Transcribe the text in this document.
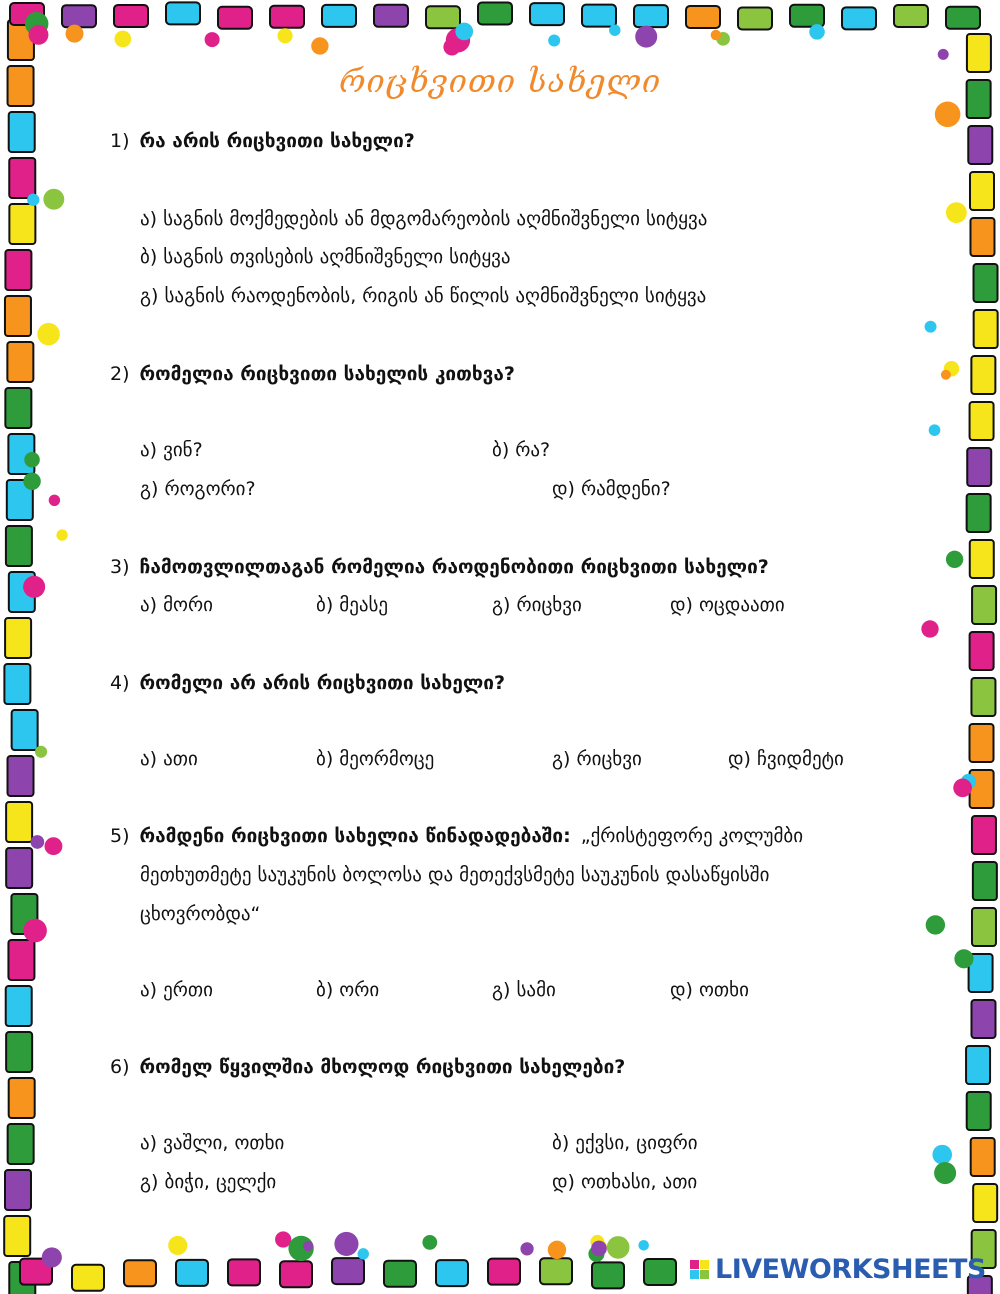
რიცხვითი სახელი
1) რა არის რიცხვითი სახელი?
ა) საგნის მოქმედების ან მდგომარეობის აღმნიშვნელი სიტყვა
ბ) საგნის თვისების აღმნიშვნელი სიტყვა
გ) საგნის რაოდენობის, რიგის ან წილის აღმნიშვნელი სიტყვა
2) რომელია რიცხვითი სახელის კითხვა?
ა) ვინ?	ბ) რა?
გ) როგორი?	დ) რამდენი?
3) ჩამოთვლილთაგან რომელია რაოდენობითი რიცხვითი სახელი?
ა) მორი	ბ) მეასე	გ) რიცხვი	დ) ოცდაათი
4) რომელი არ არის რიცხვითი სახელი?
ა) ათი	ბ) მეორმოცე	გ) რიცხვი	დ) ჩვიდმეტი
5) რამდენი რიცხვითი სახელია წინადადებაში: „ქრისტეფორე კოლუმბი
მეთხუთმეტე საუკუნის ბოლოსა და მეთექვსმეტე საუკუნის დასაწყისში
ცხოვრობდა“
ა) ერთი	ბ) ორი	გ) სამი	დ) ოთხი
6) რომელ წყვილშია მხოლოდ რიცხვითი სახელები?
ა) ვაშლი, ოთხი	ბ) ექვსი, ციფრი
გ) ბიჭი, ცელქი	დ) ოთხასი, ათი
LIVEWORKSHEETS
